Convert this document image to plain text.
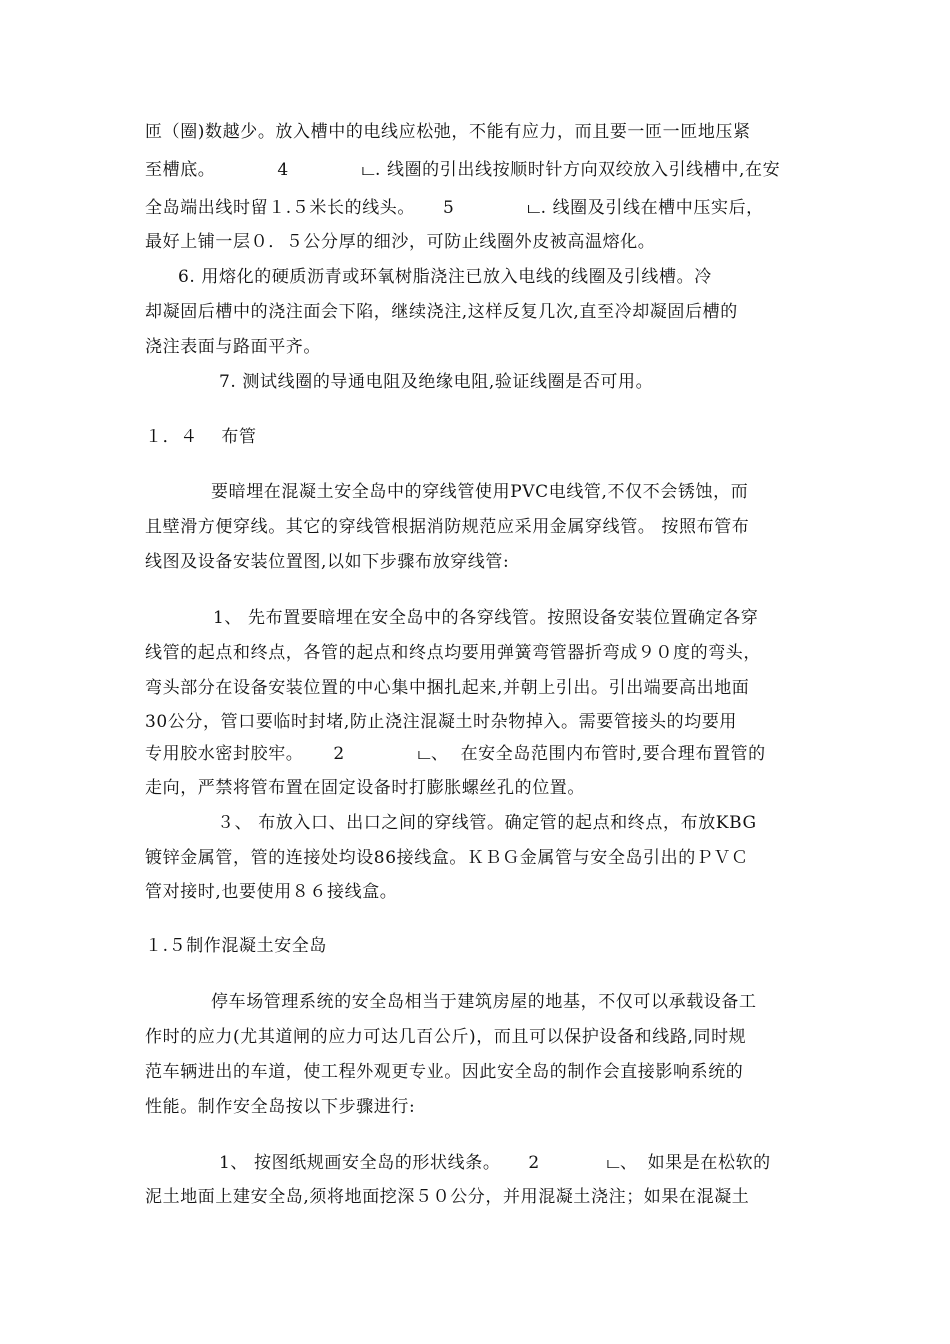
匝（圈)数越少。放入槽中的电线应松弛，不能有应力，而且要一匝一匝地压紧
至槽底。	4	ட. 线圈的引出线按顺时针方向双绞放入引线槽中,在安
全岛端出线时留１.５米长的线头。 5	ட. 线圈及引线在槽中压实后，
最好上铺一层０．５公分厚的细沙，可防止线圈外皮被高温熔化。
6. 用熔化的硬质沥青或环氧树脂浇注已放入电线的线圈及引线槽。冷
却凝固后槽中的浇注面会下陷，继续浇注,这样反复几次,直至冷却凝固后槽的
浇注表面与路面平齐。
7. 测试线圈的导通电阻及绝缘电阻,验证线圈是否可用。
１．４　 布管
要暗埋在混凝土安全岛中的穿线管使用PVC电线管,不仅不会锈蚀，而
且壁滑方便穿线。其它的穿线管根据消防规范应采用金属穿线管。 按照布管布
线图及设备安装位置图,以如下步骤布放穿线管:
1、 先布置要暗埋在安全岛中的各穿线管。按照设备安装位置确定各穿
线管的起点和终点，各管的起点和终点均要用弹簧弯管器折弯成９０度的弯头，
弯头部分在设备安装位置的中心集中捆扎起来,并朝上引出。引出端要高出地面
30公分，管口要临时封堵,防止浇注混凝土时杂物掉入。需要管接头的均要用
专用胶水密封胶牢。 2	ட、 在安全岛范围内布管时,要合理布置管的
走向，严禁将管布置在固定设备时打膨胀螺丝孔的位置。
３、 布放入口、出口之间的穿线管。确定管的起点和终点，布放KBG
镀锌金属管，管的连接处均设86接线盒。ＫＢＧ金属管与安全岛引出的ＰＶＣ
管对接时,也要使用８６接线盒。
１.５制作混凝土安全岛
停车场管理系统的安全岛相当于建筑房屋的地基，不仅可以承载设备工
作时的应力(尤其道闸的应力可达几百公斤)，而且可以保护设备和线路,同时规
范车辆进出的车道，使工程外观更专业。因此安全岛的制作会直接影响系统的
性能。制作安全岛按以下步骤进行:
1、 按图纸规画安全岛的形状线条。 2	ட、 如果是在松软的
泥土地面上建安全岛,须将地面挖深５０公分，并用混凝土浇注；如果在混凝土
